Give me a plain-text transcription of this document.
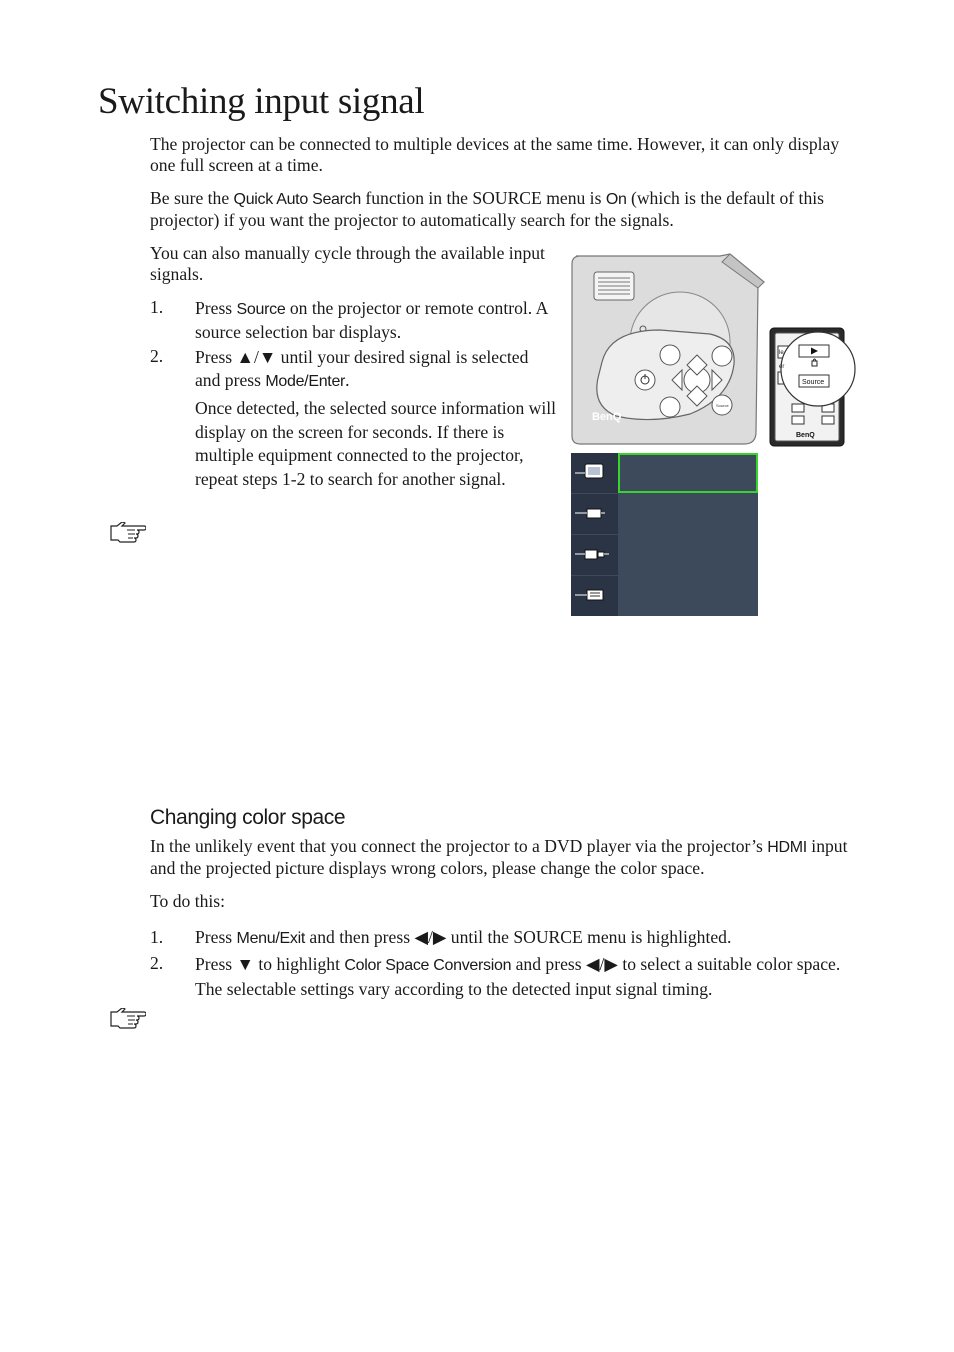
Switching input signal

The projector can be connected to multiple devices at the same time. However, it can only display one full screen at a time.

Be sure the Quick Auto Search function in the SOURCE menu is On (which is the default of this projector) if you want the projector to automatically search for the signals.

You can also manually cycle through the available input signals.

1. Press Source on the projector or remote control. A source selection bar displays.

2. Press ▲/▼ until your desired signal is selected and press Mode/Enter.

Once detected, the selected source information will display on the screen for seconds. If there is multiple equipment connected to the projector, repeat steps 1-2 to search for another signal.

BenQ
Source
le
er
Source
BenQ
Changing color space

In the unlikely event that you connect the projector to a DVD player via the projector’s HDMI input and the projected picture displays wrong colors, please change the color space.

To do this:

1. Press Menu/Exit and then press ◀/▶ until the SOURCE menu is highlighted.

2. Press ▼ to highlight Color Space Conversion and press ◀/▶ to select a suitable color space. The selectable settings vary according to the detected input signal timing.
